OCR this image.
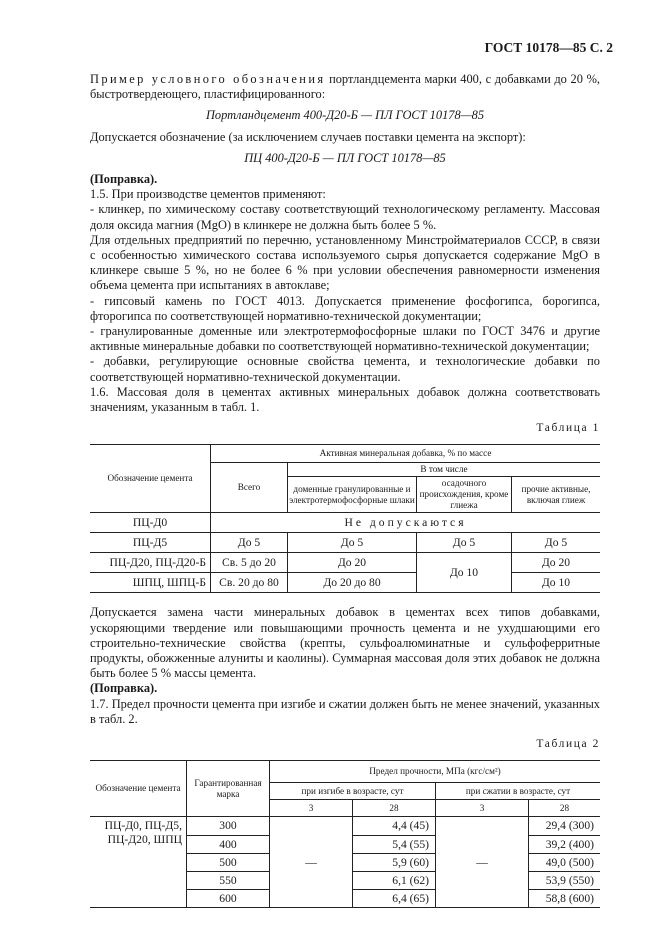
ГОСТ 10178—85 С. 2

Пример условного обозначения портландцемента марки 400, с добавками до 20 %, быстротвердеющего, пластифицированного:

Портландцемент 400-Д20-Б — ПЛ ГОСТ 10178—85

Допускается обозначение (за исключением случаев поставки цемента на экспорт):

ПЦ 400-Д20-Б — ПЛ ГОСТ 10178—85

(Поправка).

1.5. При производстве цементов применяют:

- клинкер, по химическому составу соответствующий технологическому регламенту. Массовая доля оксида магния (MgO) в клинкере не должна быть более 5 %.

Для отдельных предприятий по перечню, установленному Минстройматериалов СССР, в связи с особенностью химического состава используемого сырья допускается содержание MgO в клинкере свыше 5 %, но не более 6 % при условии обеспечения равномерности изменения объема цемента при испытаниях в автоклаве;

- гипсовый камень по ГОСТ 4013. Допускается применение фосфогипса, борогипса, фторогипса по соответствующей нормативно-технической документации;

- гранулированные доменные или электротермофосфорные шлаки по ГОСТ 3476 и другие активные минеральные добавки по соответствующей нормативно-технической документации;

- добавки, регулирующие основные свойства цемента, и технологические добавки по соответствующей нормативно-технической документации.

1.6. Массовая доля в цементах активных минеральных добавок должна соответствовать значениям, указанным в табл. 1.

Таблица 1

Обозначение цемента	Активная минеральная добавка, % по массе			
	Всего	В том числе		
		доменные гранулированные и электротермофосфорные шлаки	осадочного происхождения, кроме глиежа	прочие активные, включая глиеж
ПЦ-Д0	Не допускаются			
ПЦ-Д5	До 5	До 5	До 5	До 5
ПЦ-Д20, ПЦ-Д20-Б	Св. 5 до 20	До 20	До 10	До 20
ШПЦ, ШПЦ-Б	Св. 20 до 80	До 20 до 80		До 10

Допускается замена части минеральных добавок в цементах всех типов добавками, ускоряющими твердение или повышающими прочность цемента и не ухудшающими его строительно-технические свойства (крепты, сульфоалюминатные и сульфоферритные продукты, обожженные алуниты и каолины). Суммарная массовая доля этих добавок не должна быть более 5 % массы цемента.

(Поправка).

1.7. Предел прочности цемента при изгибе и сжатии должен быть не менее значений, указанных в табл. 2.

Таблица 2

Обозначение цемента	Гарантированная марка	Предел прочности, МПа (кгс/см²)			
		при изгибе в возрасте, сут		при сжатии в возрасте, сут	
		3	28	3	28
ПЦ-Д0, ПЦ-Д5, ПЦ-Д20, ШПЦ	300	—	4,4 (45)	—	29,4 (300)
	400		5,4 (55)		39,2 (400)
	500		5,9 (60)		49,0 (500)
	550		6,1 (62)		53,9 (550)
	600		6,4 (65)		58,8 (600)
